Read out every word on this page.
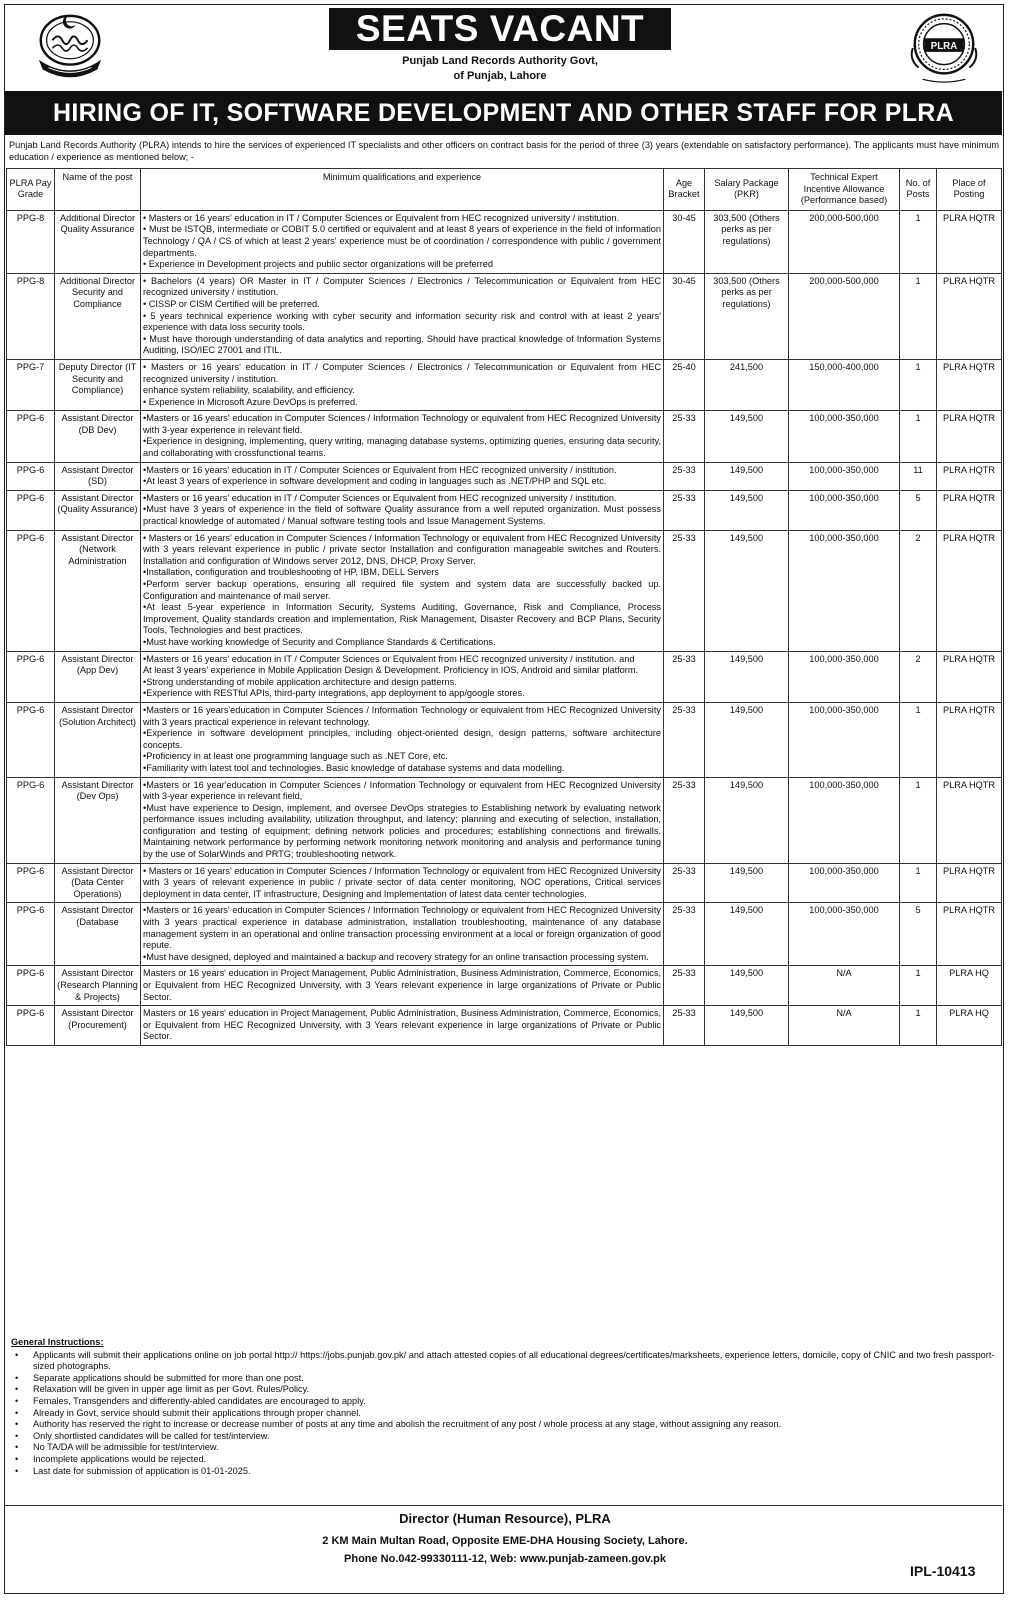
SEATS VACANT
Punjab Land Records Authority Govt,
of Punjab, Lahore
PLRA
HIRING OF IT, SOFTWARE DEVELOPMENT AND OTHER STAFF FOR PLRA

Punjab Land Records Authority (PLRA) intends to hire the services of experienced IT specialists and other officers on contract basis for the period of three (3) years (extendable on satisfactory performance). The applicants must have minimum education / experience as mentioned below; -

PLRA Pay Grade	Name of the post	Minimum qualifications and experience	Age Bracket	Salary Package (PKR)	Technical Expert Incentive Allowance (Performance based)	No. of Posts	Place of Posting
PPG-8	Additional Director Quality Assurance	• Masters or 16 years' education in IT / Computer Sciences or Equivalent from HEC recognized university / institution.
• Must be ISTQB, intermediate or COBIT 5.0 certified or equivalent and at least 8 years of experience in the field of information Technology / QA / CS of which at least 2 years' experience must be of coordination / correspondence with public / government departments.
• Experience in Development projects and public sector organizations will be preferred	30-45	303,500 (Others perks as per regulations)	200,000-500,000	1	PLRA HQTR
PPG-8	Additional Director Security and Compliance	• Bachelors (4 years) OR Master in IT / Computer Sciences / Electronics / Telecommunication or Equivalent from HEC recognized university / institution.
• CISSP or CISM Certified will be preferred.
• 5 years technical experience working with cyber security and information security risk and control with at least 2 years' experience with data loss security tools.
• Must have thorough understanding of data analytics and reporting. Should have practical knowledge of Information Systems Auditing, ISO/IEC 27001 and ITIL.	30-45	303,500 (Others perks as per regulations)	200,000-500,000	1	PLRA HQTR
PPG-7	Deputy Director (IT Security and Compliance)	• Masters or 16 years' education in IT / Computer Sciences / Electronics / Telecommunication or Equivalent from HEC recognized university / institution.
enhance system reliability, scalability, and efficiency.
• Experience in Microsoft Azure DevOps is preferred.	25-40	241,500	150,000-400,000	1	PLRA HQTR
PPG-6	Assistant Director (DB Dev)	•Masters or 16 years' education in Computer Sciences / Information Technology or equivalent from HEC Recognized University with 3-year experience in relevant field.
•Experience in designing, implementing, query writing, managing database systems, optimizing queries, ensuring data security, and collaborating with crossfunctional teams.	25-33	149,500	100,000-350,000	1	PLRA HQTR
PPG-6	Assistant Director (SD)	•Masters or 16 years' education in IT / Computer Sciences or Equivalent from HEC recognized university / institution.
•At least 3 years of experience in software development and coding in languages such as .NET/PHP and SQL etc.	25-33	149,500	100,000-350,000	11	PLRA HQTR
PPG-6	Assistant Director (Quality Assurance)	•Masters or 16 years' education in IT / Computer Sciences or Equivalent from HEC recognized university / institution.
•Must have 3 years of experience in the field of software Quality assurance from a well reputed organization. Must possess practical knowledge of automated / Manual software testing tools and Issue Management Systems.	25-33	149,500	100,000-350,000	5	PLRA HQTR
PPG-6	Assistant Director (Network Administration	• Masters or 16 years' education in Computer Sciences / Information Technology or equivalent from HEC Recognized University with 3 years relevant experience in public / private sector Installation and configuration manageable switches and Routers. Installation and configuration of Windows server 2012, DNS, DHCP, Proxy Server.
•Installation, configuration and troubleshooting of HP, IBM, DELL Servers
•Perform server backup operations, ensuring all required file system and system data are successfully backed up. Configuration and maintenance of mail server.
•At least 5-year experience in Information Security, Systems Auditing, Governance, Risk and Compliance, Process Improvement, Quality standards creation and implementation, Risk Management, Disaster Recovery and BCP Plans, Security Tools, Technologies and best practices.
•Must have working knowledge of Security and Compliance Standards & Certifications.	25-33	149,500	100,000-350,000	2	PLRA HQTR
PPG-6	Assistant Director (App Dev)	•Masters or 16 years' education in IT / Computer Sciences or Equivalent from HEC recognized university / institution. and
At least 3 years' experience in Mobile Application Design & Development. Proficiency in IOS, Android and similar platform.
•Strong understanding of mobile application architecture and design patterns.
•Experience with RESTful APIs, third-party integrations, app deployment to app/google stores.	25-33	149,500	100,000-350,000	2	PLRA HQTR
PPG-6	Assistant Director (Solution Architect)	•Masters or 16 years'education in Computer Sciences / Information Technology or equivalent from HEC Recognized University with 3 years practical experience in relevant technology.
•Experience in software development principles, including object-oriented design, design patterns, software architecture concepts.
•Proficiency in at least one programming language such as .NET Core, etc.
•Familiarity with latest tool and technologies. Basic knowledge of database systems and data modelling.	25-33	149,500	100,000-350,000	1	PLRA HQTR
PPG-6	Assistant Director (Dev Ops)	•Masters or 16 year'education in Computer Sciences / Information Technology or equivalent from HEC Recognized University with 3-year experience in relevant field,
•Must have experience to Design, implement, and oversee DevOps strategies to Establishing network by evaluating network performance issues including availability, utilization throughput, and latency; planning and executing of selection, installation, configuration and testing of equipment; defining network policies and procedures; establishing connections and firewalls. Maintaining network performance by performing network monitoring network monitoring and analysis and performance tuning by the use of SolarWinds and PRTG; troubleshooting network.	25-33	149,500	100,000-350,000	1	PLRA HQTR
PPG-6	Assistant Director (Data Center Operations)	• Masters or 16 years' education in Computer Sciences / Information Technology or equivalent from HEC Recognized University with 3 years of relevant experience in public / private sector of data center monitoring, NOC operations, Critical services deployment in data center, IT infrastructure, Designing and Implementation of latest data center technologies.	25-33	149,500	100,000-350,000	1	PLRA HQTR
PPG-6	Assistant Director (Database	•Masters or 16 years' education in Computer Sciences / Information Technology or equivalent from HEC Recognized University with 3 years practical experience in database administration, installation troubleshooting, maintenance of any database management system in an operational and online transaction processing environment at a local or foreign organization of good repute.
•Must have designed, deployed and maintained a backup and recovery strategy for an online transaction processing system.	25-33	149,500	100,000-350,000	5	PLRA HQTR
PPG-6	Assistant Director (Research Planning & Projects)	Masters or 16 years' education in Project Management, Public Administration, Business Administration, Commerce, Economics, or Equivalent from HEC Recognized University, with 3 Years relevant experience in large organizations of Private or Public Sector.	25-33	149,500	N/A	1	PLRA HQ
PPG-6	Assistant Director (Procurement)	Masters or 16 years' education in Project Management, Public Administration, Business Administration, Commerce, Economics, or Equivalent from HEC Recognized University, with 3 Years relevant experience in large organizations of Private or Public Sector.	25-33	149,500	N/A	1	PLRA HQ
General Instructions:
• Applicants will submit their applications online on job portal http:// https://jobs.punjab.gov.pk/ and attach attested copies of all educational degrees/certificates/marksheets, experience letters, domicile, copy of CNIC and two fresh passport-sized photographs.
• Separate applications should be submitted for more than one post.
• Relaxation will be given in upper age limit as per Govt. Rules/Policy.
• Females, Transgenders and differently-abled candidates are encouraged to apply.
• Already in Govt, service should submit their applications through proper channel.
• Authority has reserved the right to increase or decrease number of posts at any time and abolish the recruitment of any post / whole process at any stage, without assigning any reason.
• Only shortlisted candidates will be called for test/interview.
• No TA/DA will be admissible for test/interview.
• Incomplete applications would be rejected.
• Last date for submission of application is 01-01-2025.
Director (Human Resource), PLRA
2 KM Main Multan Road, Opposite EME-DHA Housing Society, Lahore.
Phone No.042-99330111-12, Web: www.punjab-zameen.gov.pk
IPL-10413
